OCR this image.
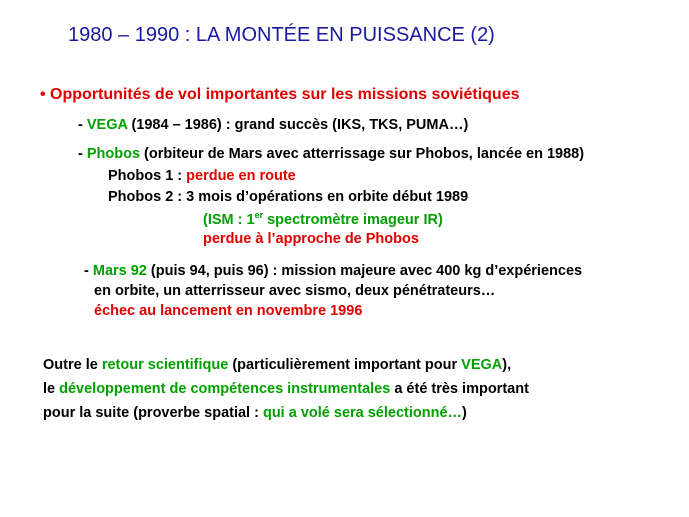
1980 – 1990 : LA MONTÉE EN PUISSANCE (2)
• Opportunités de vol importantes sur les missions soviétiques
- VEGA (1984 – 1986) : grand succès (IKS, TKS, PUMA…)
- Phobos (orbiteur de Mars avec atterrissage sur Phobos, lancée en 1988)
Phobos 1 : perdue en route
Phobos 2 : 3 mois d’opérations en orbite début 1989
(ISM : 1er spectromètre imageur IR)
perdue à l’approche de Phobos
- Mars 92 (puis 94, puis 96) : mission majeure avec 400 kg d’expériences
en orbite, un atterrisseur avec sismo, deux pénétrateurs…
échec au lancement en novembre 1996
Outre le retour scientifique (particulièrement important pour VEGA),
le développement de compétences instrumentales a été très important
pour la suite (proverbe spatial : qui a volé sera sélectionné…)
